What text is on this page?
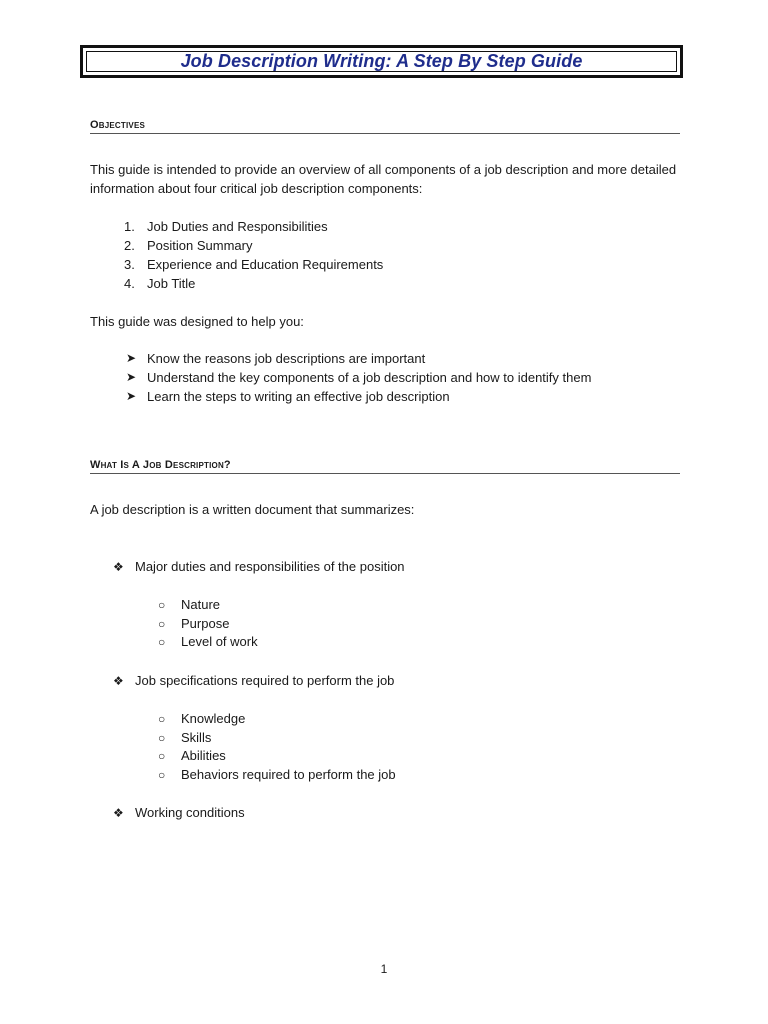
Job Description Writing: A Step By Step Guide
Objectives
This guide is intended to provide an overview of all components of a job description and more detailed information about four critical job description components:
1. Job Duties and Responsibilities
2. Position Summary
3. Experience and Education Requirements
4. Job Title
This guide was designed to help you:
➤ Know the reasons job descriptions are important
➤ Understand the key components of a job description and how to identify them
➤ Learn the steps to writing an effective job description
What Is A Job Description?
A job description is a written document that summarizes:
❖ Major duties and responsibilities of the position
○ Nature
○ Purpose
○ Level of work
❖ Job specifications required to perform the job
○ Knowledge
○ Skills
○ Abilities
○ Behaviors required to perform the job
❖ Working conditions
1
